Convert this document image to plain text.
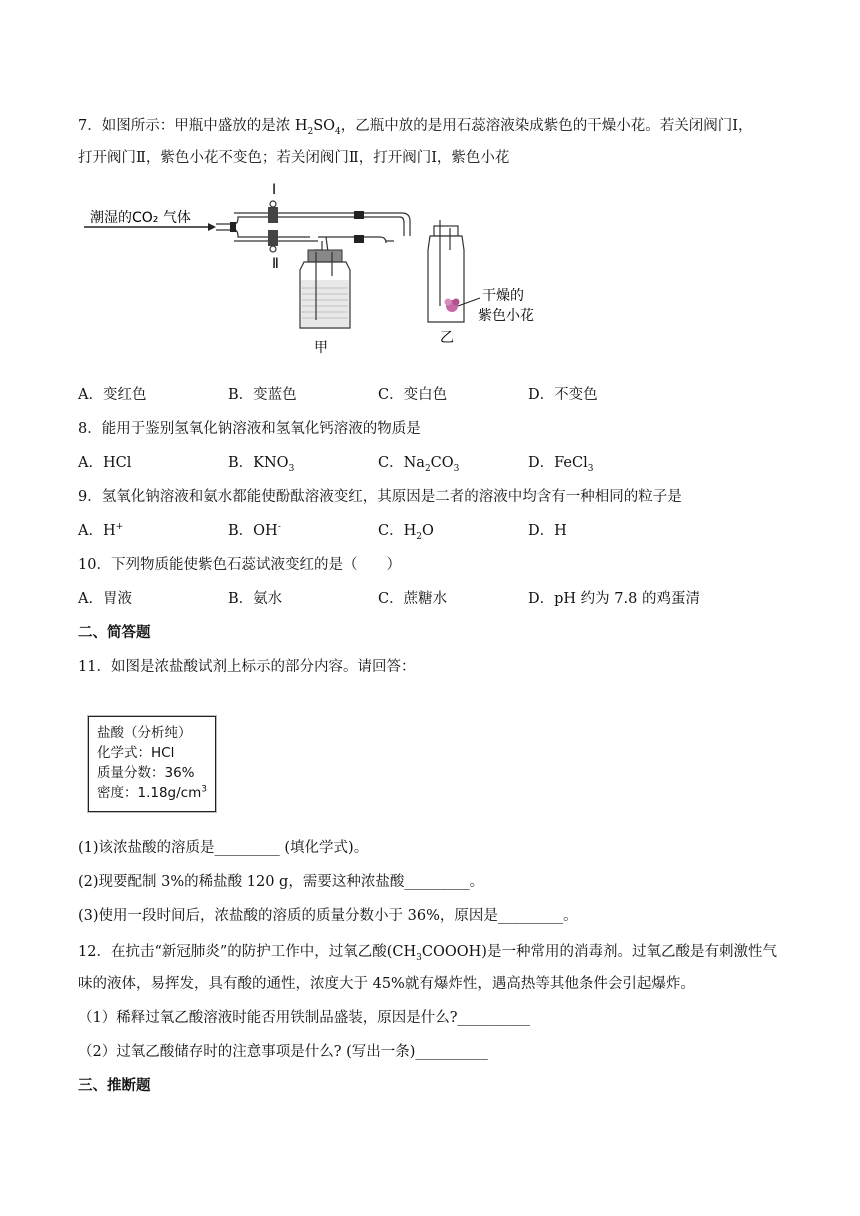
7．如图所示：甲瓶中盛放的是浓 $H_2SO_4$，乙瓶中放的是用石蕊溶液染成紫色的干燥小花。若关闭阀门Ⅰ，
打开阀门Ⅱ，紫色小花不变色；若关闭阀门Ⅱ，打开阀门Ⅰ，紫色小花
潮湿的CO₂ 气体
Ⅰ
Ⅱ
甲
干燥的
紫色小花
乙
A．变红色	B．变蓝色	C．变白色	D．不变色
8．能用于鉴别氢氧化钠溶液和氢氧化钙溶液的物质是
A．HCl	B．$KNO_3$	C．$Na_2CO_3$	D．FeCl$_3$
9．氢氧化钠溶液和氨水都能使酚酞溶液变红，其原因是二者的溶液中均含有一种相同的粒子是
A．H+	B．OH-	C．$H_2O$	D．H
10．下列物质能使紫色石蕊试液变红的是（　　）
A．胃液	B．氨水	C．蔗糖水	D．pH 约为 7.8 的鸡蛋清
二、简答题
11．如图是浓盐酸试剂上标示的部分内容。请回答：
盐酸（分析纯）
化学式：HCl
质量分数：36%
密度：$1.18g/cm^3$
(1)该浓盐酸的溶质是_________ (填化学式)。
(2)现要配制 3%的稀盐酸 120 g，需要这种浓盐酸_________。
(3)使用一段时间后，浓盐酸的溶质的质量分数小于 36%，原因是_________。
12．在抗击“新冠肺炎”的防护工作中，过氧乙酸$(CH_3COOOH)$是一种常用的消毒剂。过氧乙酸是有刺激性气
味的液体，易挥发，具有酸的通性，浓度大于 45%就有爆炸性，遇高热等其他条件会引起爆炸。
（1）稀释过氧乙酸溶液时能否用铁制品盛装，原因是什么?__________
（2）过氧乙酸储存时的注意事项是什么? (写出一条)__________
三、推断题
